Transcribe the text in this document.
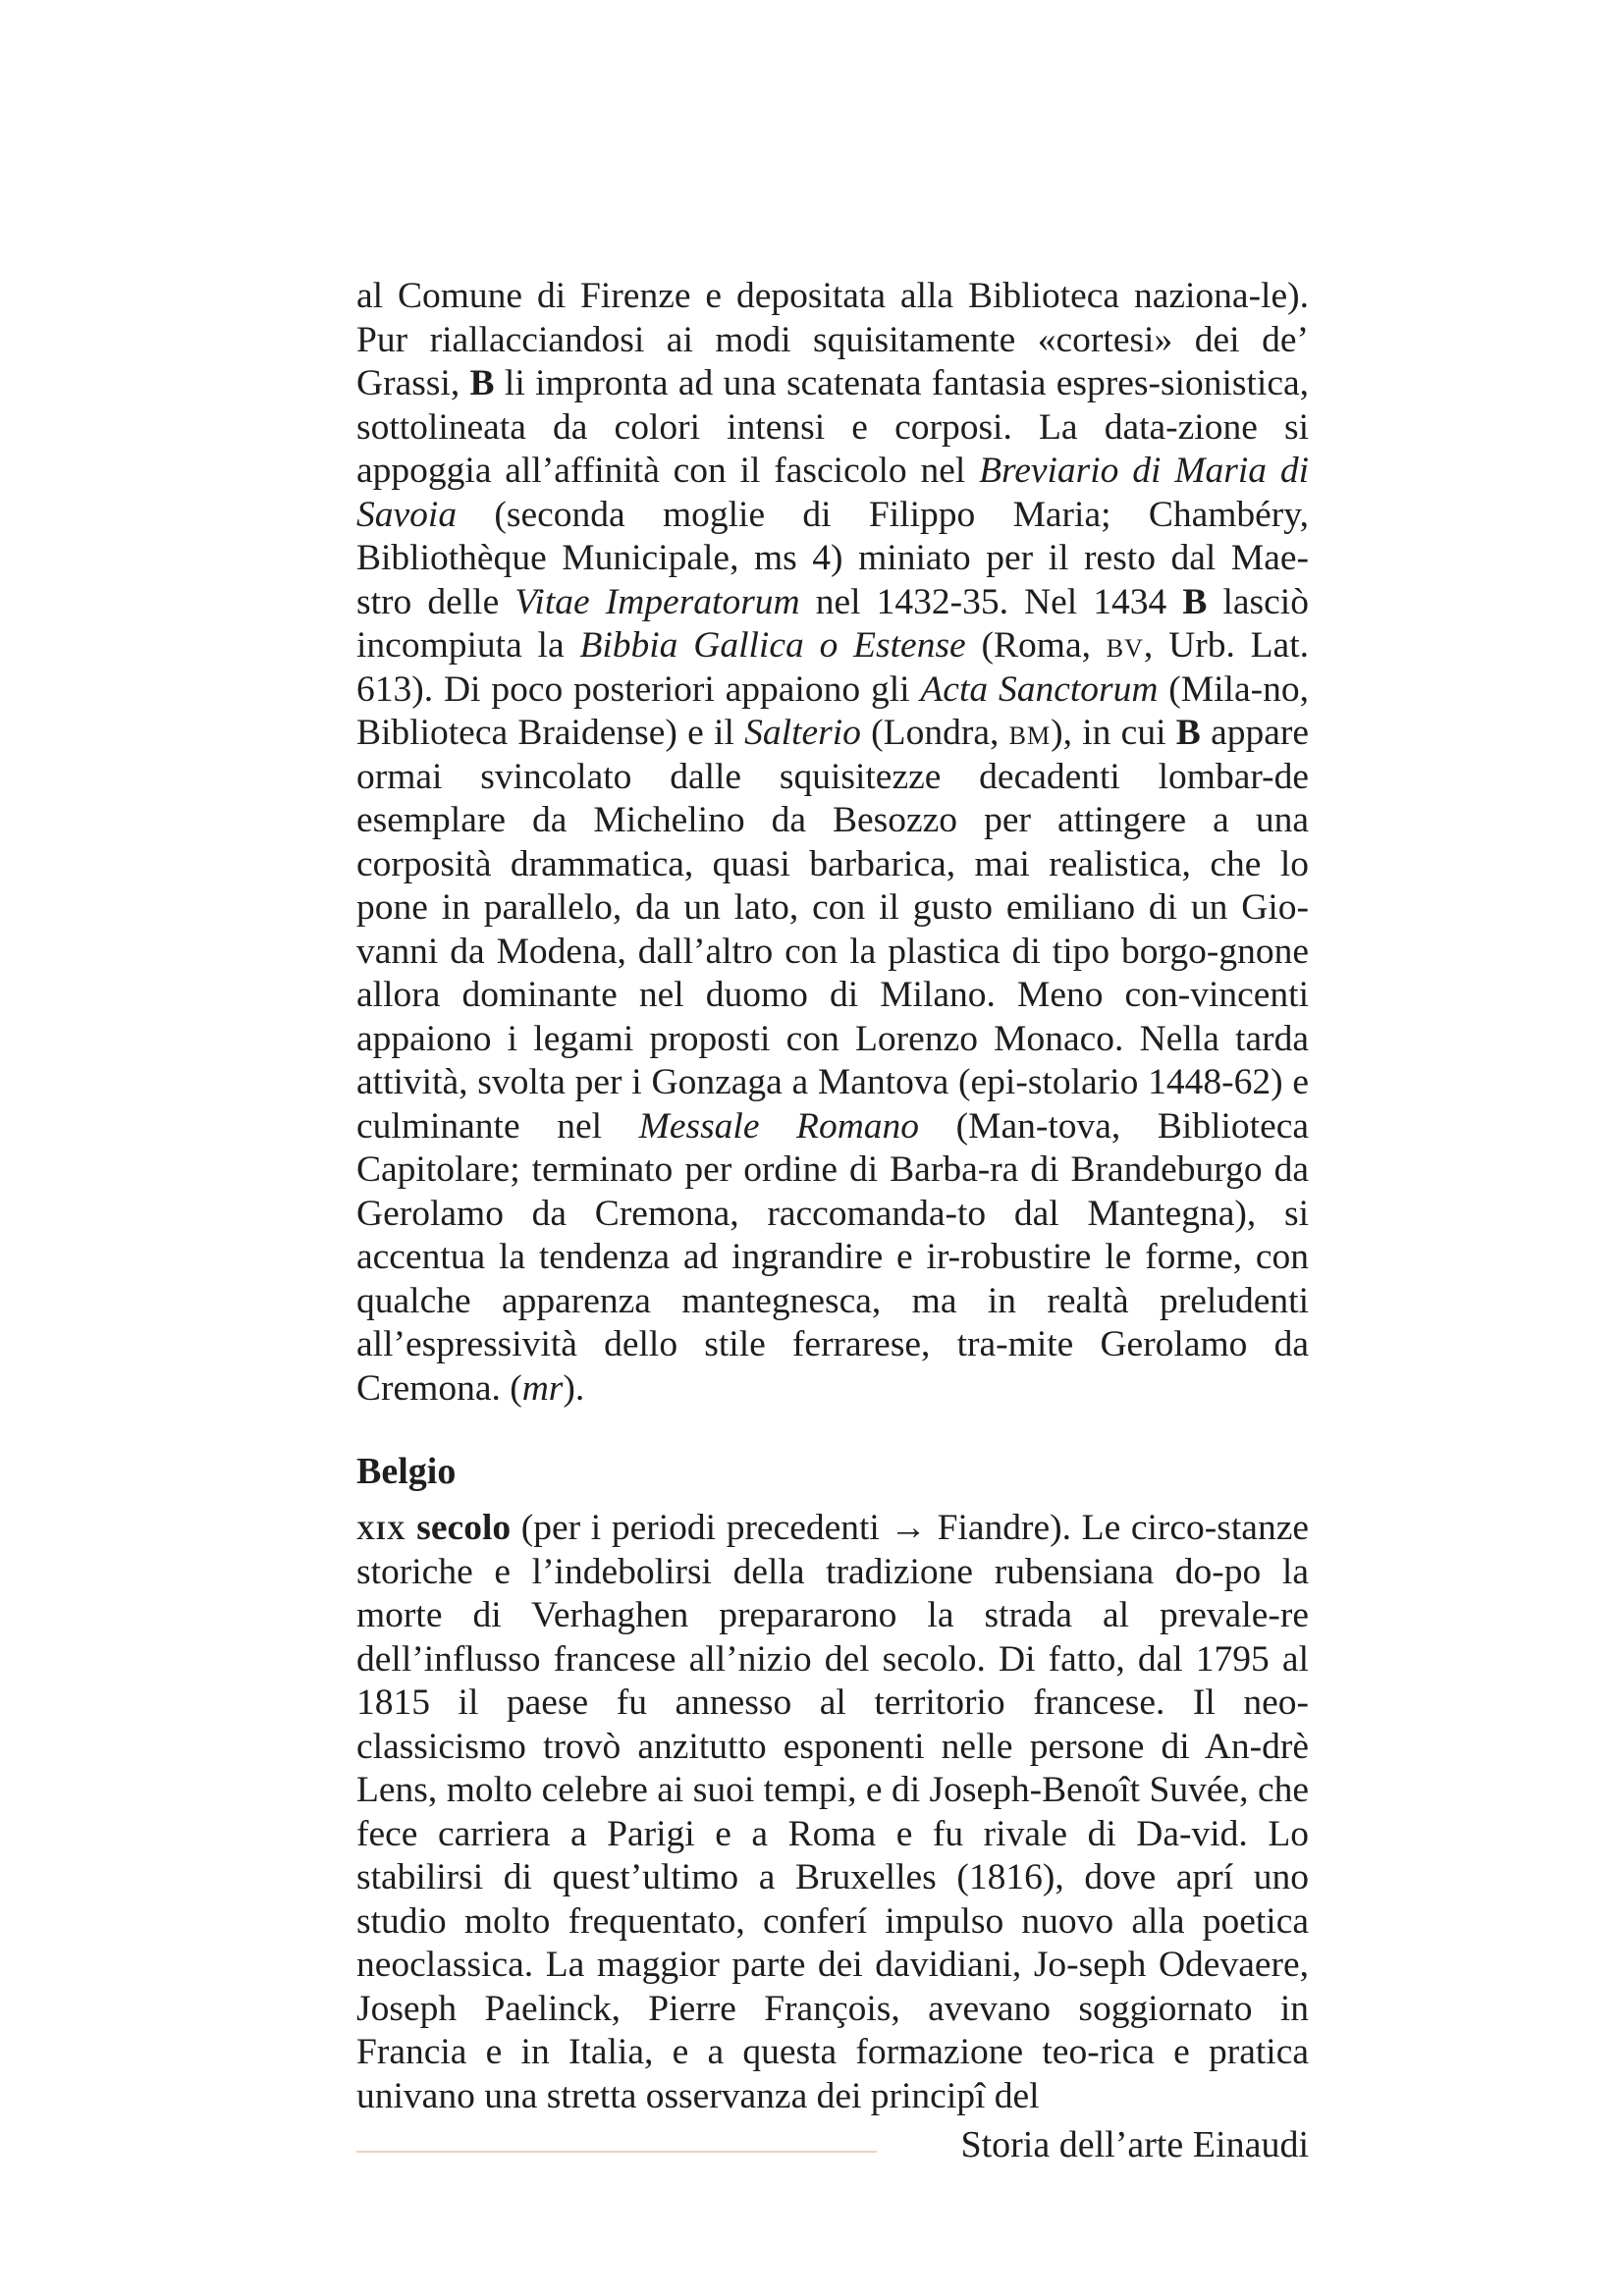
al Comune di Firenze e depositata alla Biblioteca naziona-le). Pur riallacciandosi ai modi squisitamente «cortesi» dei de’ Grassi, B li impronta ad una scatenata fantasia espres-sionistica, sottolineata da colori intensi e corposi. La data-zione si appoggia all’affinità con il fascicolo nel Breviario di Maria di Savoia (seconda moglie di Filippo Maria; Chambéry, Bibliothèque Municipale, ms 4) miniato per il resto dal Mae-stro delle Vitae Imperatorum nel 1432-35. Nel 1434 B lasciò incompiuta la Bibbia Gallica o Estense (Roma, bv, Urb. Lat. 613). Di poco posteriori appaiono gli Acta Sanctorum (Mila-no, Biblioteca Braidense) e il Salterio (Londra, bm), in cui B appare ormai svincolato dalle squisitezze decadenti lombar-de esemplare da Michelino da Besozzo per attingere a una corposità drammatica, quasi barbarica, mai realistica, che lo pone in parallelo, da un lato, con il gusto emiliano di un Gio-vanni da Modena, dall’altro con la plastica di tipo borgo-gnone allora dominante nel duomo di Milano. Meno con-vincenti appaiono i legami proposti con Lorenzo Monaco. Nella tarda attività, svolta per i Gonzaga a Mantova (epi-stolario 1448-62) e culminante nel Messale Romano (Man-tova, Biblioteca Capitolare; terminato per ordine di Barba-ra di Brandeburgo da Gerolamo da Cremona, raccomanda-to dal Mantegna), si accentua la tendenza ad ingrandire e ir-robustire le forme, con qualche apparenza mantegnesca, ma in realtà preludenti all’espressività dello stile ferrarese, tra-mite Gerolamo da Cremona. (mr).

Belgio

xix secolo (per i periodi precedenti → Fiandre). Le circo-stanze storiche e l’indebolirsi della tradizione rubensiana do-po la morte di Verhaghen prepararono la strada al prevale-re dell’influsso francese all’nizio del secolo. Di fatto, dal 1795 al 1815 il paese fu annesso al territorio francese. Il neo-classicismo trovò anzitutto esponenti nelle persone di An-drè Lens, molto celebre ai suoi tempi, e di Joseph-Benoît Suvée, che fece carriera a Parigi e a Roma e fu rivale di Da-vid. Lo stabilirsi di quest’ultimo a Bruxelles (1816), dove aprí uno studio molto frequentato, conferí impulso nuovo alla poetica neoclassica. La maggior parte dei davidiani, Jo-seph Odevaere, Joseph Paelinck, Pierre François, avevano soggiornato in Francia e in Italia, e a questa formazione teo-rica e pratica univano una stretta osservanza dei principî del

Storia dell’arte Einaudi
